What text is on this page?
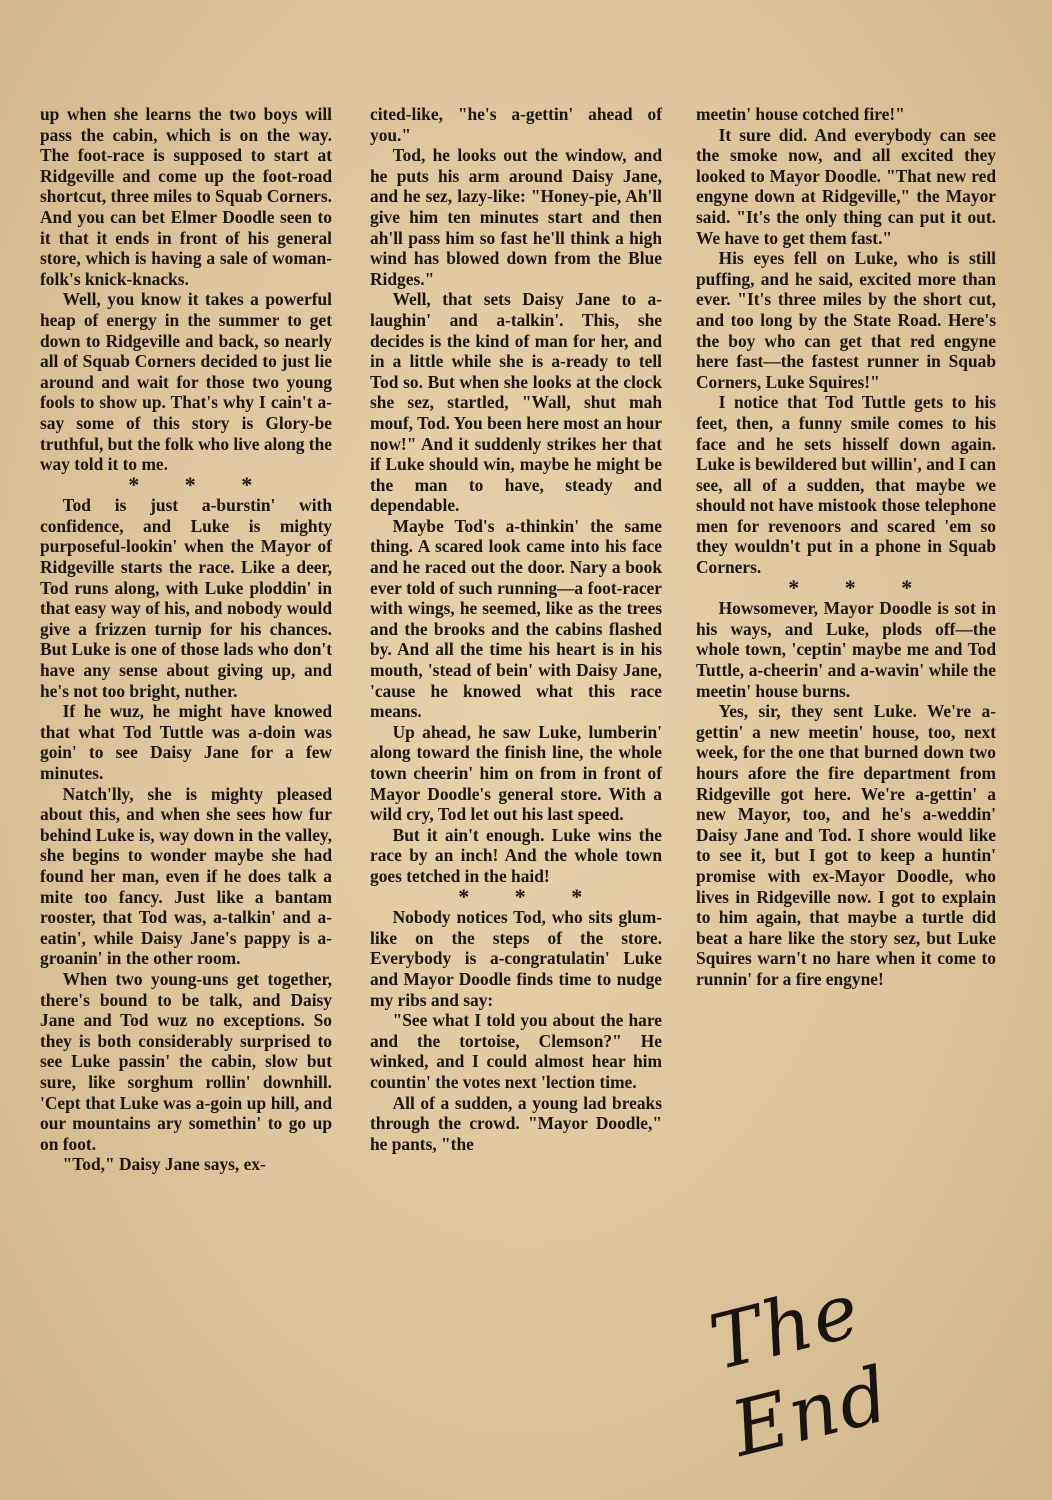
up when she learns the two boys will pass the cabin, which is on the way. The foot-race is supposed to start at Ridgeville and come up the foot-road shortcut, three miles to Squab Corners. And you can bet Elmer Doodle seen to it that it ends in front of his general store, which is having a sale of woman-folk's knick-knacks.

Well, you know it takes a powerful heap of energy in the summer to get down to Ridgeville and back, so nearly all of Squab Corners decided to just lie around and wait for those two young fools to show up. That's why I cain't a-say some of this story is Glory-be truthful, but the folk who live along the way told it to me.

* * *

Tod is just a-burstin' with confidence, and Luke is mighty purposeful-lookin' when the Mayor of Ridgeville starts the race. Like a deer, Tod runs along, with Luke ploddin' in that easy way of his, and nobody would give a frizzen turnip for his chances. But Luke is one of those lads who don't have any sense about giving up, and he's not too bright, nuther.

If he wuz, he might have knowed that what Tod Tuttle was a-doin was goin' to see Daisy Jane for a few minutes.

Natch'lly, she is mighty pleased about this, and when she sees how fur behind Luke is, way down in the valley, she begins to wonder maybe she had found her man, even if he does talk a mite too fancy. Just like a bantam rooster, that Tod was, a-talkin' and a-eatin', while Daisy Jane's pappy is a-groanin' in the other room.

When two young-uns get together, there's bound to be talk, and Daisy Jane and Tod wuz no exceptions. So they is both considerably surprised to see Luke passin' the cabin, slow but sure, like sorghum rollin' downhill. 'Cept that Luke was a-goin up hill, and our mountains ary somethin' to go up on foot.

"Tod," Daisy Jane says, ex-

cited-like, "he's a-gettin' ahead of you."

Tod, he looks out the window, and he puts his arm around Daisy Jane, and he sez, lazy-like: "Honey-pie, Ah'll give him ten minutes start and then ah'll pass him so fast he'll think a high wind has blowed down from the Blue Ridges."

Well, that sets Daisy Jane to a-laughin' and a-talkin'. This, she decides is the kind of man for her, and in a little while she is a-ready to tell Tod so. But when she looks at the clock she sez, startled, "Wall, shut mah mouf, Tod. You been here most an hour now!" And it suddenly strikes her that if Luke should win, maybe he might be the man to have, steady and dependable.

Maybe Tod's a-thinkin' the same thing. A scared look came into his face and he raced out the door. Nary a book ever told of such running—a foot-racer with wings, he seemed, like as the trees and the brooks and the cabins flashed by. And all the time his heart is in his mouth, 'stead of bein' with Daisy Jane, 'cause he knowed what this race means.

Up ahead, he saw Luke, lumberin' along toward the finish line, the whole town cheerin' him on from in front of Mayor Doodle's general store. With a wild cry, Tod let out his last speed.

But it ain't enough. Luke wins the race by an inch! And the whole town goes tetched in the haid!

* * *

Nobody notices Tod, who sits glum-like on the steps of the store. Everybody is a-congratulatin' Luke and Mayor Doodle finds time to nudge my ribs and say:

"See what I told you about the hare and the tortoise, Clemson?" He winked, and I could almost hear him countin' the votes next 'lection time.

All of a sudden, a young lad breaks through the crowd. "Mayor Doodle," he pants, "the

meetin' house cotched fire!"

It sure did. And everybody can see the smoke now, and all excited they looked to Mayor Doodle. "That new red engyne down at Ridgeville," the Mayor said. "It's the only thing can put it out. We have to get them fast."

His eyes fell on Luke, who is still puffing, and he said, excited more than ever. "It's three miles by the short cut, and too long by the State Road. Here's the boy who can get that red engyne here fast—the fastest runner in Squab Corners, Luke Squires!"

I notice that Tod Tuttle gets to his feet, then, a funny smile comes to his face and he sets hisself down again. Luke is bewildered but willin', and I can see, all of a sudden, that maybe we should not have mistook those telephone men for revenoors and scared 'em so they wouldn't put in a phone in Squab Corners.

* * *

Howsomever, Mayor Doodle is sot in his ways, and Luke, plods off—the whole town, 'ceptin' maybe me and Tod Tuttle, a-cheerin' and a-wavin' while the meetin' house burns.

Yes, sir, they sent Luke. We're a-gettin' a new meetin' house, too, next week, for the one that burned down two hours afore the fire department from Ridgeville got here. We're a-gettin' a new Mayor, too, and he's a-weddin' Daisy Jane and Tod. I shore would like to see it, but I got to keep a huntin' promise with ex-Mayor Doodle, who lives in Ridgeville now. I got to explain to him again, that maybe a turtle did beat a hare like the story sez, but Luke Squires warn't no hare when it come to runnin' for a fire engyne!

The End
